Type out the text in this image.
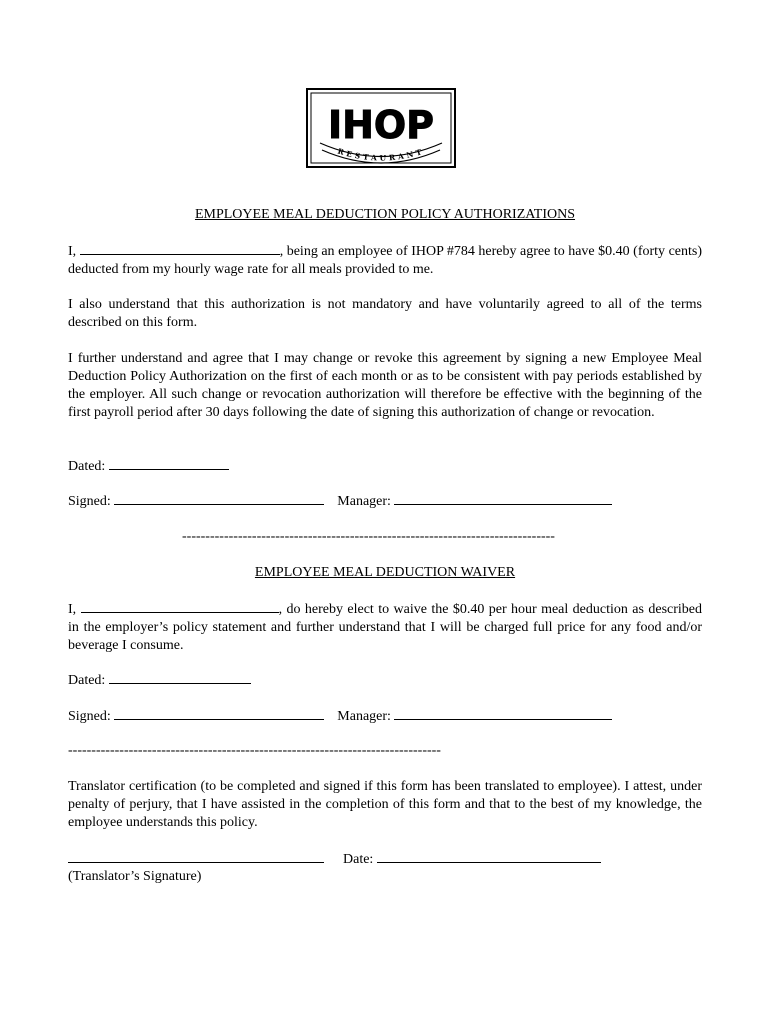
IHOP
RESTAURANT
EMPLOYEE MEAL DEDUCTION POLICY AUTHORIZATIONS
I,	, being an employee of IHOP #784 hereby agree to have $0.40 (forty cents) deducted from my hourly wage rate for all meals provided to me.
I also understand that this authorization is not mandatory and have voluntarily agreed to all of the terms described on this form.
I further understand and agree that I may change or revoke this agreement by signing a new Employee Meal Deduction Policy Authorization on the first of each month or as to be consistent with pay periods established by the employer. All such change or revocation authorization will therefore be effective with the beginning of the first payroll period after 30 days following the date of signing this authorization of change or revocation.
Dated:
Signed:	Manager:
--------------------------------------------------------------------------------
EMPLOYEE MEAL DEDUCTION WAIVER
I,	, do hereby elect to waive the $0.40 per hour meal deduction as described in the employer’s policy statement and further understand that I will be charged full price for any food and/or beverage I consume.
Dated:
Signed:	Manager:
--------------------------------------------------------------------------------
Translator certification (to be completed and signed if this form has been translated to employee). I attest, under penalty of perjury, that I have assisted in the completion of this form and that to the best of my knowledge, the employee understands this policy.
Date:
(Translator’s Signature)
